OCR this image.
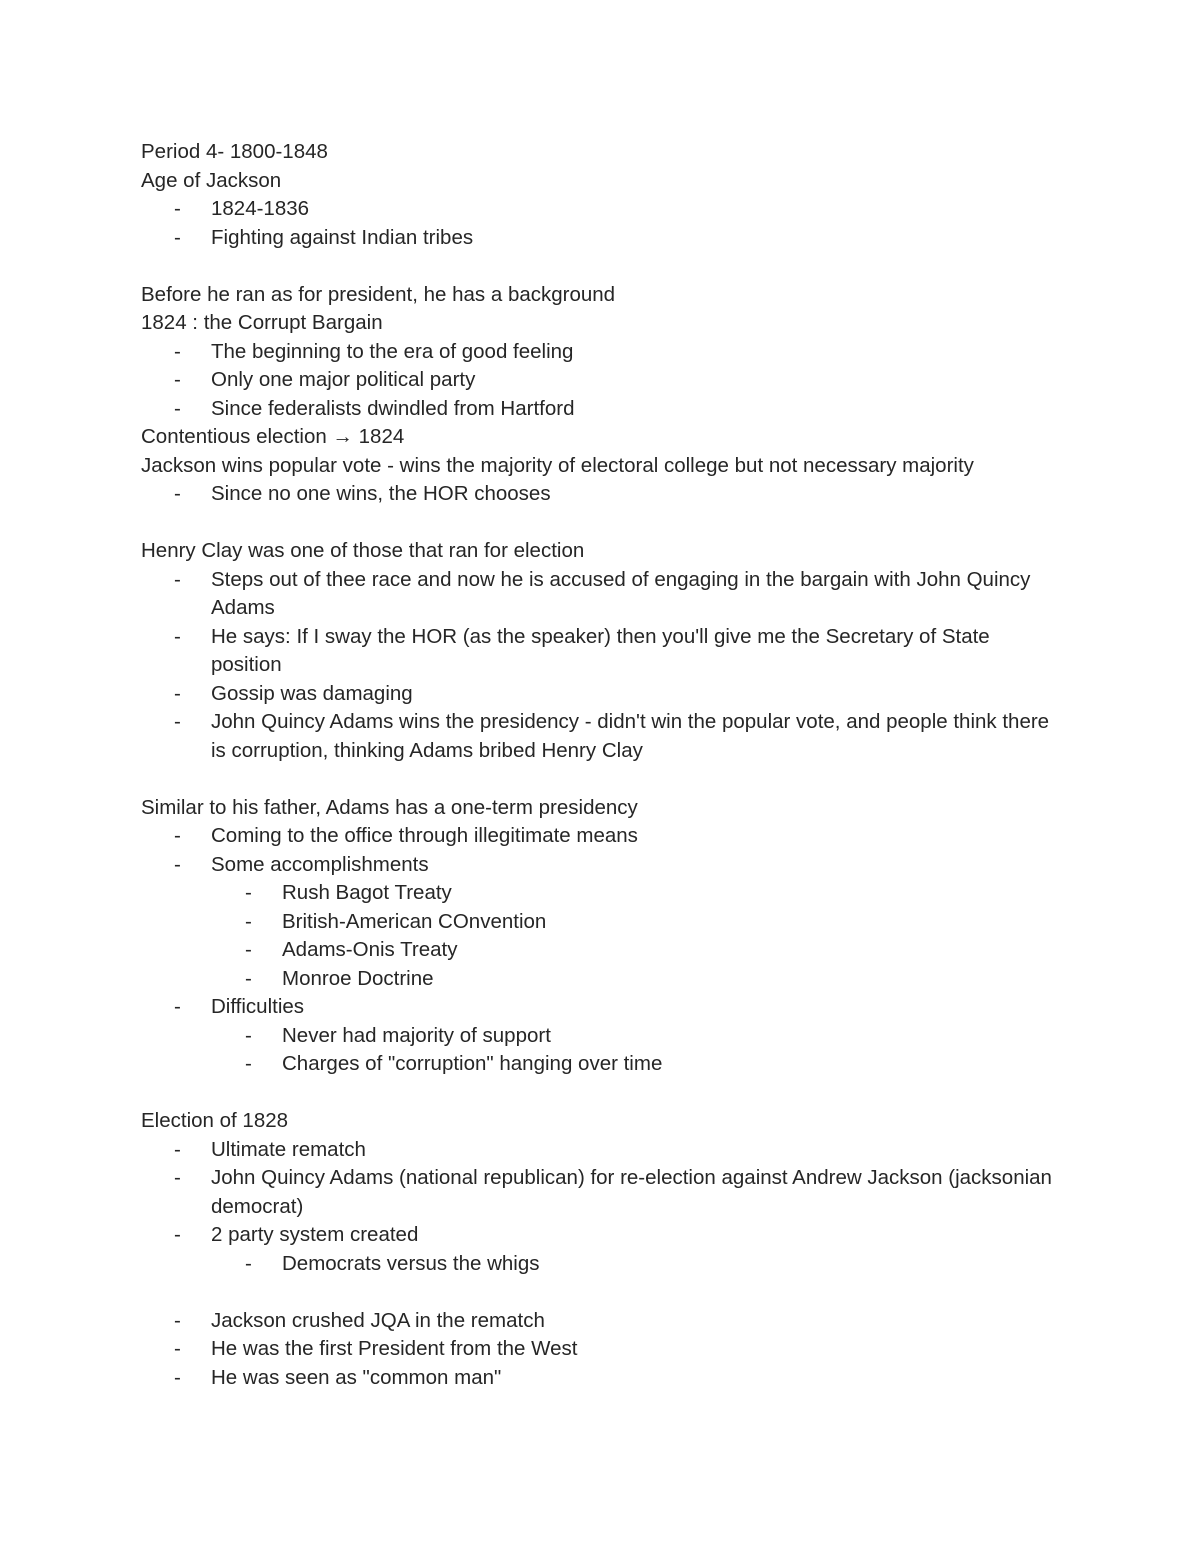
Period 4- 1800-1848

Age of Jackson

- 1824-1836
- Fighting against Indian tribes

Before he ran as for president, he has a background

1824 : the Corrupt Bargain

- The beginning to the era of good feeling
- Only one major political party
- Since federalists dwindled from Hartford

Contentious election → 1824

Jackson wins popular vote - wins the majority of electoral college but not necessary majority

- Since no one wins, the HOR chooses

Henry Clay was one of those that ran for election

- Steps out of thee race and now he is accused of engaging in the bargain with John Quincy Adams
- He says: If I sway the HOR (as the speaker) then you'll give me the Secretary of State position
- Gossip was damaging
- John Quincy Adams wins the presidency - didn't win the popular vote, and people think there is corruption, thinking Adams bribed Henry Clay

Similar to his father, Adams has a one-term presidency

- Coming to the office through illegitimate means
- Some accomplishments
- Rush Bagot Treaty
- British-American COnvention
- Adams-Onis Treaty
- Monroe Doctrine
- Difficulties
- Never had majority of support
- Charges of "corruption" hanging over time

Election of 1828

- Ultimate rematch
- John Quincy Adams (national republican) for re-election against Andrew Jackson (jacksonian democrat)
- 2 party system created
- Democrats versus the whigs
- Jackson crushed JQA in the rematch
- He was the first President from the West
- He was seen as "common man"
